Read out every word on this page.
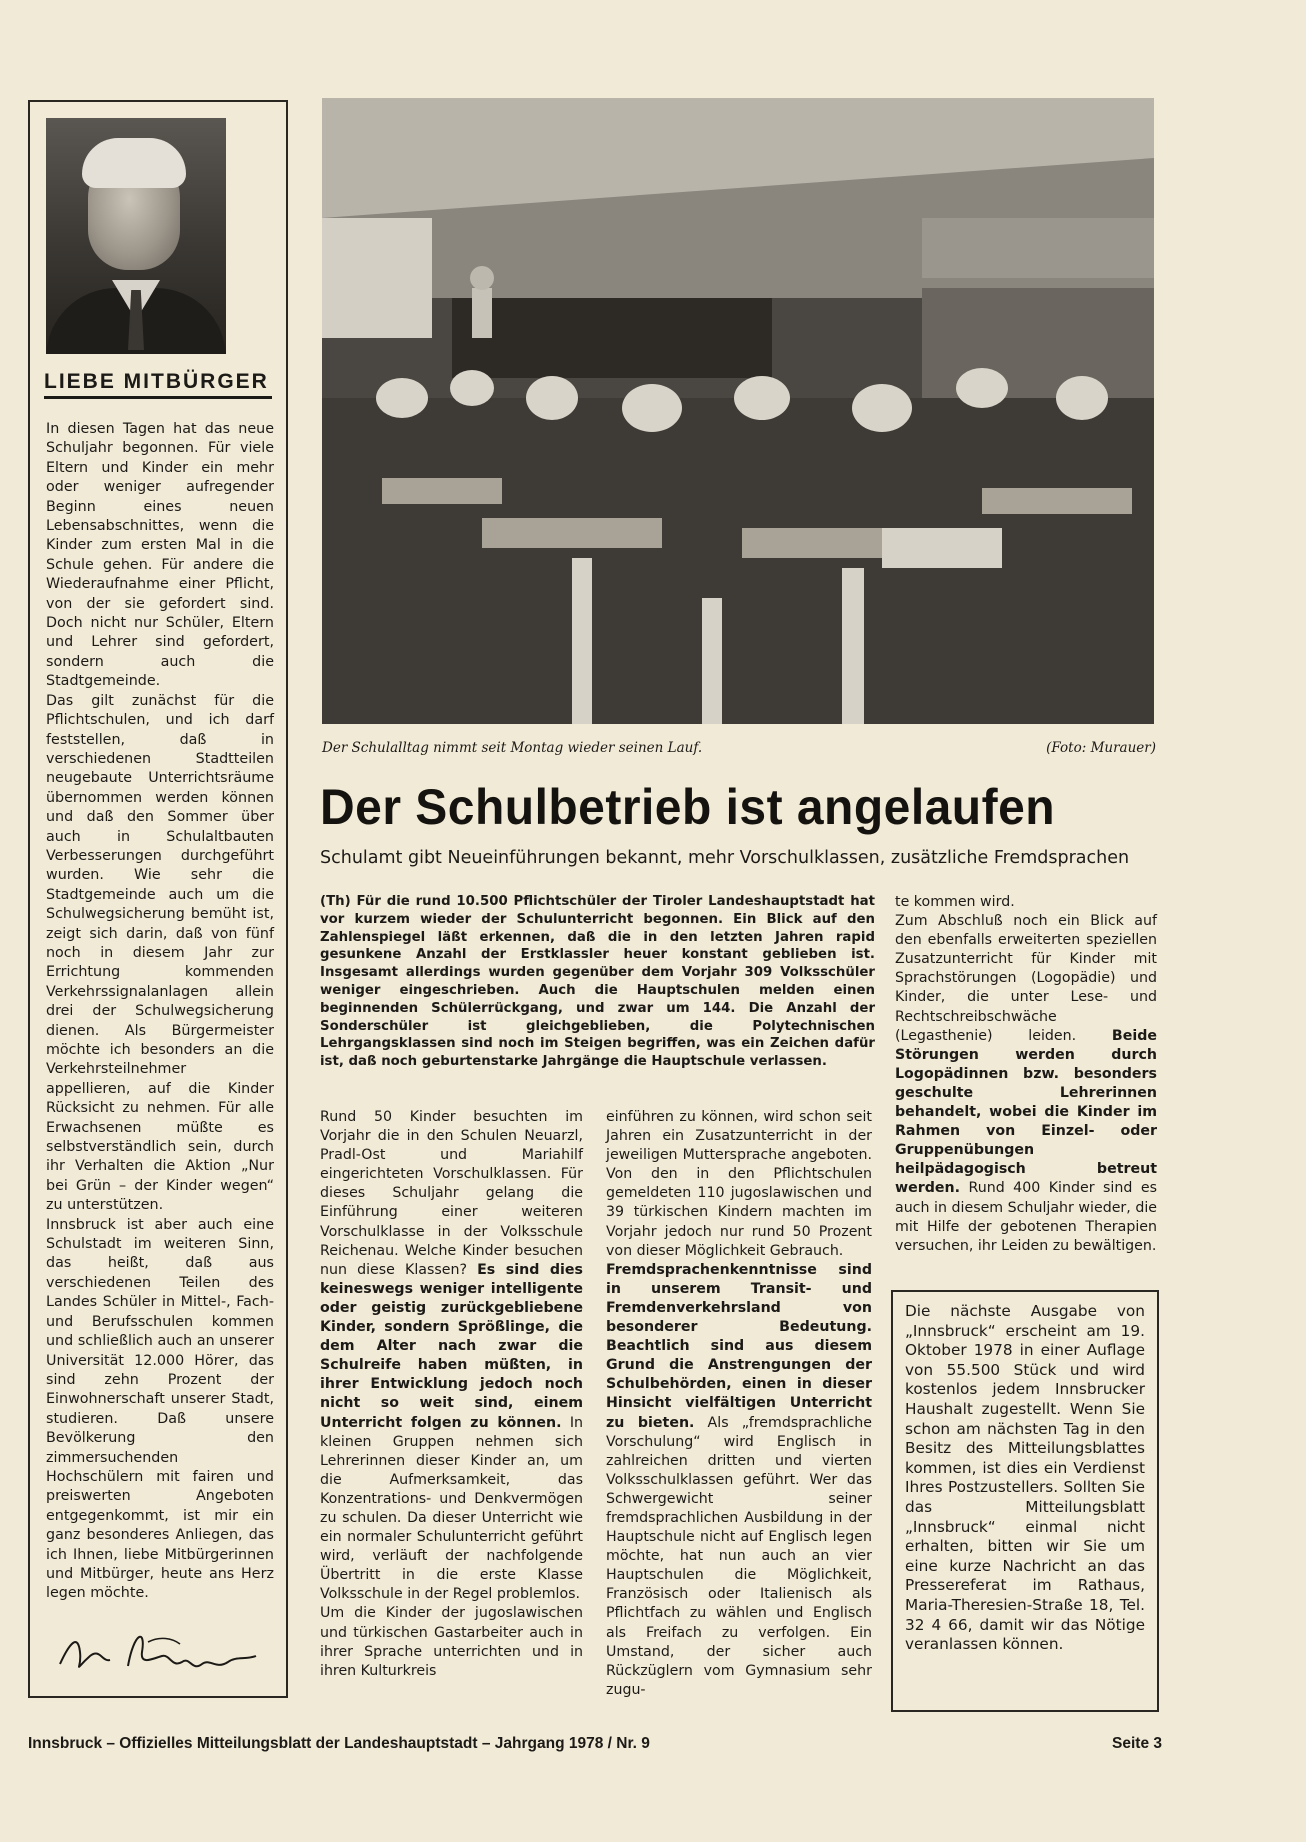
LIEBE MITBÜRGER

In diesen Tagen hat das neue Schuljahr begonnen. Für viele Eltern und Kinder ein mehr oder weniger aufregender Beginn eines neuen Lebensabschnittes, wenn die Kinder zum ersten Mal in die Schule gehen. Für andere die Wiederaufnahme einer Pflicht, von der sie gefordert sind. Doch nicht nur Schüler, Eltern und Lehrer sind gefordert, sondern auch die Stadtgemeinde.

Das gilt zunächst für die Pflichtschulen, und ich darf feststellen, daß in verschiedenen Stadtteilen neugebaute Unterrichtsräume übernommen werden können und daß den Sommer über auch in Schulaltbauten Verbesserungen durchgeführt wurden. Wie sehr die Stadtgemeinde auch um die Schulwegsicherung bemüht ist, zeigt sich darin, daß von fünf noch in diesem Jahr zur Errichtung kommenden Verkehrssignalanlagen allein drei der Schulwegsicherung dienen. Als Bürgermeister möchte ich besonders an die Verkehrsteilnehmer appellieren, auf die Kinder Rücksicht zu nehmen. Für alle Erwachsenen müßte es selbstverständlich sein, durch ihr Verhalten die Aktion „Nur bei Grün – der Kinder wegen“ zu unterstützen.

Innsbruck ist aber auch eine Schulstadt im weiteren Sinn, das heißt, daß aus verschiedenen Teilen des Landes Schüler in Mittel-, Fach- und Berufsschulen kommen und schließlich auch an unserer Universität 12.000 Hörer, das sind zehn Prozent der Einwohnerschaft unserer Stadt, studieren. Daß unsere Bevölkerung den zimmersuchenden Hochschülern mit fairen und preiswerten Angeboten entgegenkommt, ist mir ein ganz besonderes Anliegen, das ich Ihnen, liebe Mitbürgerinnen und Mitbürger, heute ans Herz legen möchte.

Der Schulalltag nimmt seit Montag wieder seinen Lauf.	(Foto: Murauer)
Der Schulbetrieb ist angelaufen
Schulamt gibt Neueinführungen bekannt, mehr Vorschulklassen, zusätzliche Fremdsprachen
(Th) Für die rund 10.500 Pflichtschüler der Tiroler Landeshauptstadt hat vor kurzem wieder der Schulunterricht begonnen. Ein Blick auf den Zahlenspiegel läßt erkennen, daß die in den letzten Jahren rapid gesunkene Anzahl der Erstklassler heuer konstant geblieben ist. Insgesamt allerdings wurden gegenüber dem Vorjahr 309 Volksschüler weniger eingeschrieben. Auch die Hauptschulen melden einen beginnenden Schülerrückgang, und zwar um 144. Die Anzahl der Sonderschüler ist gleichgeblieben, die Polytechnischen Lehrgangsklassen sind noch im Steigen begriffen, was ein Zeichen dafür ist, daß noch geburtenstarke Jahrgänge die Hauptschule verlassen.

Rund 50 Kinder besuchten im Vorjahr die in den Schulen Neuarzl, Pradl-Ost und Mariahilf eingerichteten Vorschulklassen. Für dieses Schuljahr gelang die Einführung einer weiteren Vorschulklasse in der Volksschule Reichenau. Welche Kinder besuchen nun diese Klassen? Es sind dies keineswegs weniger intelligente oder geistig zurückgebliebene Kinder, sondern Sprößlinge, die dem Alter nach zwar die Schulreife haben müßten, in ihrer Entwicklung jedoch noch nicht so weit sind, einem Unterricht folgen zu können. In kleinen Gruppen nehmen sich Lehrerinnen dieser Kinder an, um die Aufmerksamkeit, das Konzentrations- und Denkvermögen zu schulen. Da dieser Unterricht wie ein normaler Schulunterricht geführt wird, verläuft der nachfolgende Übertritt in die erste Klasse Volksschule in der Regel problemlos.

Um die Kinder der jugoslawischen und türkischen Gastarbeiter auch in ihrer Sprache unterrichten und in ihren Kulturkreis

einführen zu können, wird schon seit Jahren ein Zusatzunterricht in der jeweiligen Muttersprache angeboten. Von den in den Pflichtschulen gemeldeten 110 jugoslawischen und 39 türkischen Kindern machten im Vorjahr jedoch nur rund 50 Prozent von dieser Möglichkeit Gebrauch.

Fremdsprachenkenntnisse sind in unserem Transit- und Fremdenverkehrsland von besonderer Bedeutung. Beachtlich sind aus diesem Grund die Anstrengungen der Schulbehörden, einen in dieser Hinsicht vielfältigen Unterricht zu bieten. Als „fremdsprachliche Vorschulung“ wird Englisch in zahlreichen dritten und vierten Volksschulklassen geführt. Wer das Schwergewicht seiner fremdsprachlichen Ausbildung in der Hauptschule nicht auf Englisch legen möchte, hat nun auch an vier Hauptschulen die Möglichkeit, Französisch oder Italienisch als Pflichtfach zu wählen und Englisch als Freifach zu verfolgen. Ein Umstand, der sicher auch Rückzüglern vom Gymnasium sehr zugu-

te kommen wird.

Zum Abschluß noch ein Blick auf den ebenfalls erweiterten speziellen Zusatzunterricht für Kinder mit Sprachstörungen (Logopädie) und Kinder, die unter Lese- und Rechtschreibschwäche (Legasthenie) leiden. Beide Störungen werden durch Logopädinnen bzw. besonders geschulte Lehrerinnen behandelt, wobei die Kinder im Rahmen von Einzel- oder Gruppenübungen heilpädagogisch betreut werden. Rund 400 Kinder sind es auch in diesem Schuljahr wieder, die mit Hilfe der gebotenen Therapien versuchen, ihr Leiden zu bewältigen.

Die nächste Ausgabe von „Innsbruck“ erscheint am 19. Oktober 1978 in einer Auflage von 55.500 Stück und wird kostenlos jedem Innsbrucker Haushalt zugestellt. Wenn Sie schon am nächsten Tag in den Besitz des Mitteilungsblattes kommen, ist dies ein Verdienst Ihres Postzustellers. Sollten Sie das Mitteilungsblatt „Innsbruck“ einmal nicht erhalten, bitten wir Sie um eine kurze Nachricht an das Pressereferat im Rathaus, Maria-Theresien-Straße 18, Tel. 32 4 66, damit wir das Nötige veranlassen können.
Innsbruck – Offizielles Mitteilungsblatt der Landeshauptstadt – Jahrgang 1978 / Nr. 9	Seite 3
